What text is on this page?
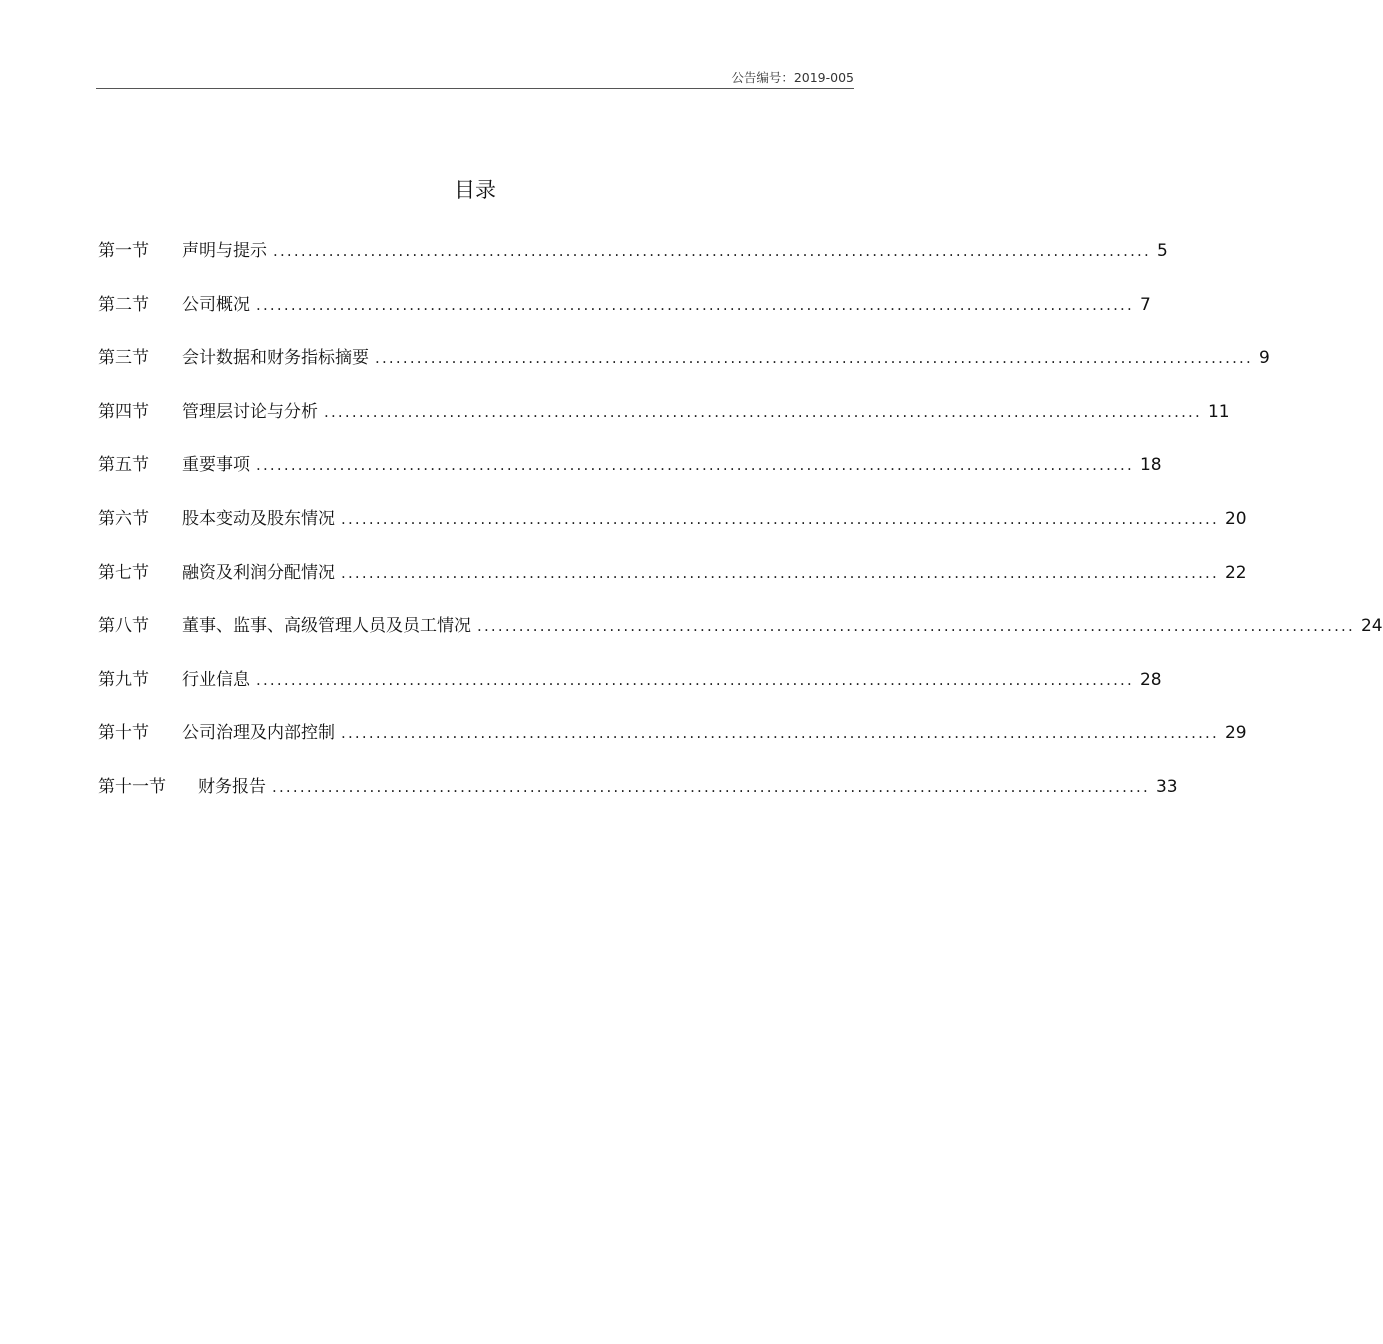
公告编号：2019-005
目录
第一节	声明与提示 .............................................................................................................................. 5
第二节	公司概况 .............................................................................................................................. 7
第三节	会计数据和财务指标摘要 .............................................................................................................................. 9
第四节	管理层讨论与分析 .............................................................................................................................. 11
第五节	重要事项 .............................................................................................................................. 18
第六节	股本变动及股东情况 .............................................................................................................................. 20
第七节	融资及利润分配情况 .............................................................................................................................. 22
第八节	董事、监事、高级管理人员及员工情况 .............................................................................................................................. 24
第九节	行业信息 .............................................................................................................................. 28
第十节	公司治理及内部控制 .............................................................................................................................. 29
第十一节	财务报告 .............................................................................................................................. 33
